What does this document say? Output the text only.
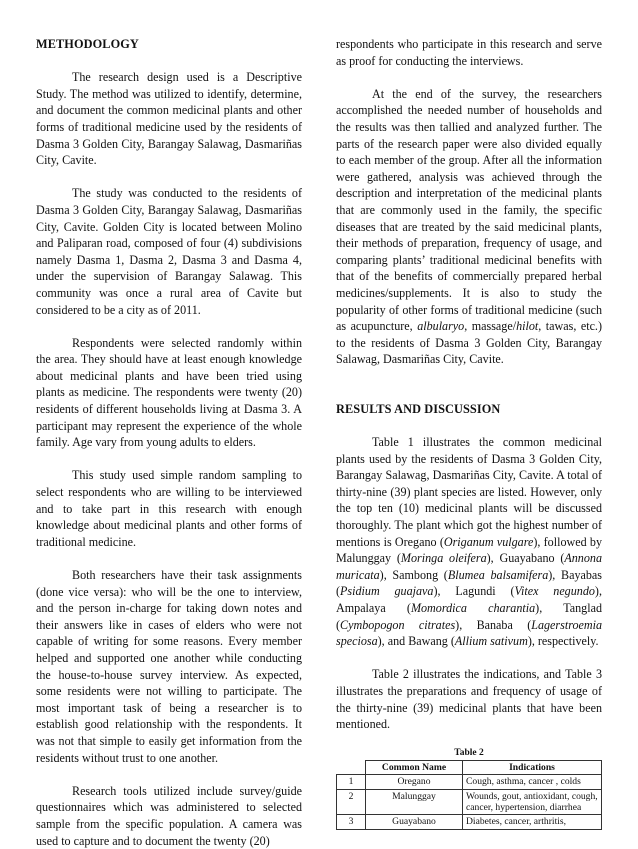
METHODOLOGY

The research design used is a Descriptive Study. The method was utilized to identify, determine, and document the common medicinal plants and other forms of traditional medicine used by the residents of Dasma 3 Golden City, Barangay Salawag, Dasmariñas City, Cavite.

The study was conducted to the residents of Dasma 3 Golden City, Barangay Salawag, Dasmariñas City, Cavite. Golden City is located between Molino and Paliparan road, composed of four (4) subdivisions namely Dasma 1, Dasma 2, Dasma 3 and Dasma 4, under the supervision of Barangay Salawag. This community was once a rural area of Cavite but considered to be a city as of 2011.

Respondents were selected randomly within the area. They should have at least enough knowledge about medicinal plants and have been tried using plants as medicine. The respondents were twenty (20) residents of different households living at Dasma 3. A participant may represent the experience of the whole family. Age vary from young adults to elders.

This study used simple random sampling to select respondents who are willing to be interviewed and to take part in this research with enough knowledge about medicinal plants and other forms of traditional medicine.

Both researchers have their task assignments (done vice versa): who will be the one to interview, and the person in-charge for taking down notes and their answers like in cases of elders who were not capable of writing for some reasons. Every member helped and supported one another while conducting the house-to-house survey interview. As expected, some residents were not willing to participate. The most important task of being a researcher is to establish good relationship with the respondents. It was not that simple to easily get information from the residents without trust to one another.

Research tools utilized include survey/guide questionnaires which was administered to selected sample from the specific population. A camera was used to capture and to document the twenty (20)

respondents who participate in this research and serve as proof for conducting the interviews.

At the end of the survey, the researchers accomplished the needed number of households and the results was then tallied and analyzed further. The parts of the research paper were also divided equally to each member of the group. After all the information were gathered, analysis was achieved through the description and interpretation of the medicinal plants that are commonly used in the family, the specific diseases that are treated by the said medicinal plants, their methods of preparation, frequency of usage, and comparing plants’ traditional medicinal benefits with that of the benefits of commercially prepared herbal medicines/supplements. It is also to study the popularity of other forms of traditional medicine (such as acupuncture, albularyo, massage/hilot, tawas, etc.) to the residents of Dasma 3 Golden City, Barangay Salawag, Dasmariñas City, Cavite.

RESULTS AND DISCUSSION

Table 1 illustrates the common medicinal plants used by the residents of Dasma 3 Golden City, Barangay Salawag, Dasmariñas City, Cavite. A total of thirty-nine (39) plant species are listed. However, only the top ten (10) medicinal plants will be discussed thoroughly. The plant which got the highest number of mentions is Oregano (Origanum vulgare), followed by Malunggay (Moringa oleifera), Guayabano (Annona muricata), Sambong (Blumea balsamifera), Bayabas (Psidium guajava), Lagundi (Vitex negundo), Ampalaya (Momordica charantia), Tanglad (Cymbopogon citrates), Banaba (Lagerstroemia speciosa), and Bawang (Allium sativum), respectively.

Table 2 illustrates the indications, and Table 3 illustrates the preparations and frequency of usage of the thirty-nine (39) medicinal plants that have been mentioned.

Table 2
	Common Name	Indications
1	Oregano	Cough, asthma, cancer , colds
2	Malunggay	Wounds, gout, antioxidant, cough, cancer, hypertension, diarrhea
3	Guayabano	Diabetes, cancer, arthritis,
